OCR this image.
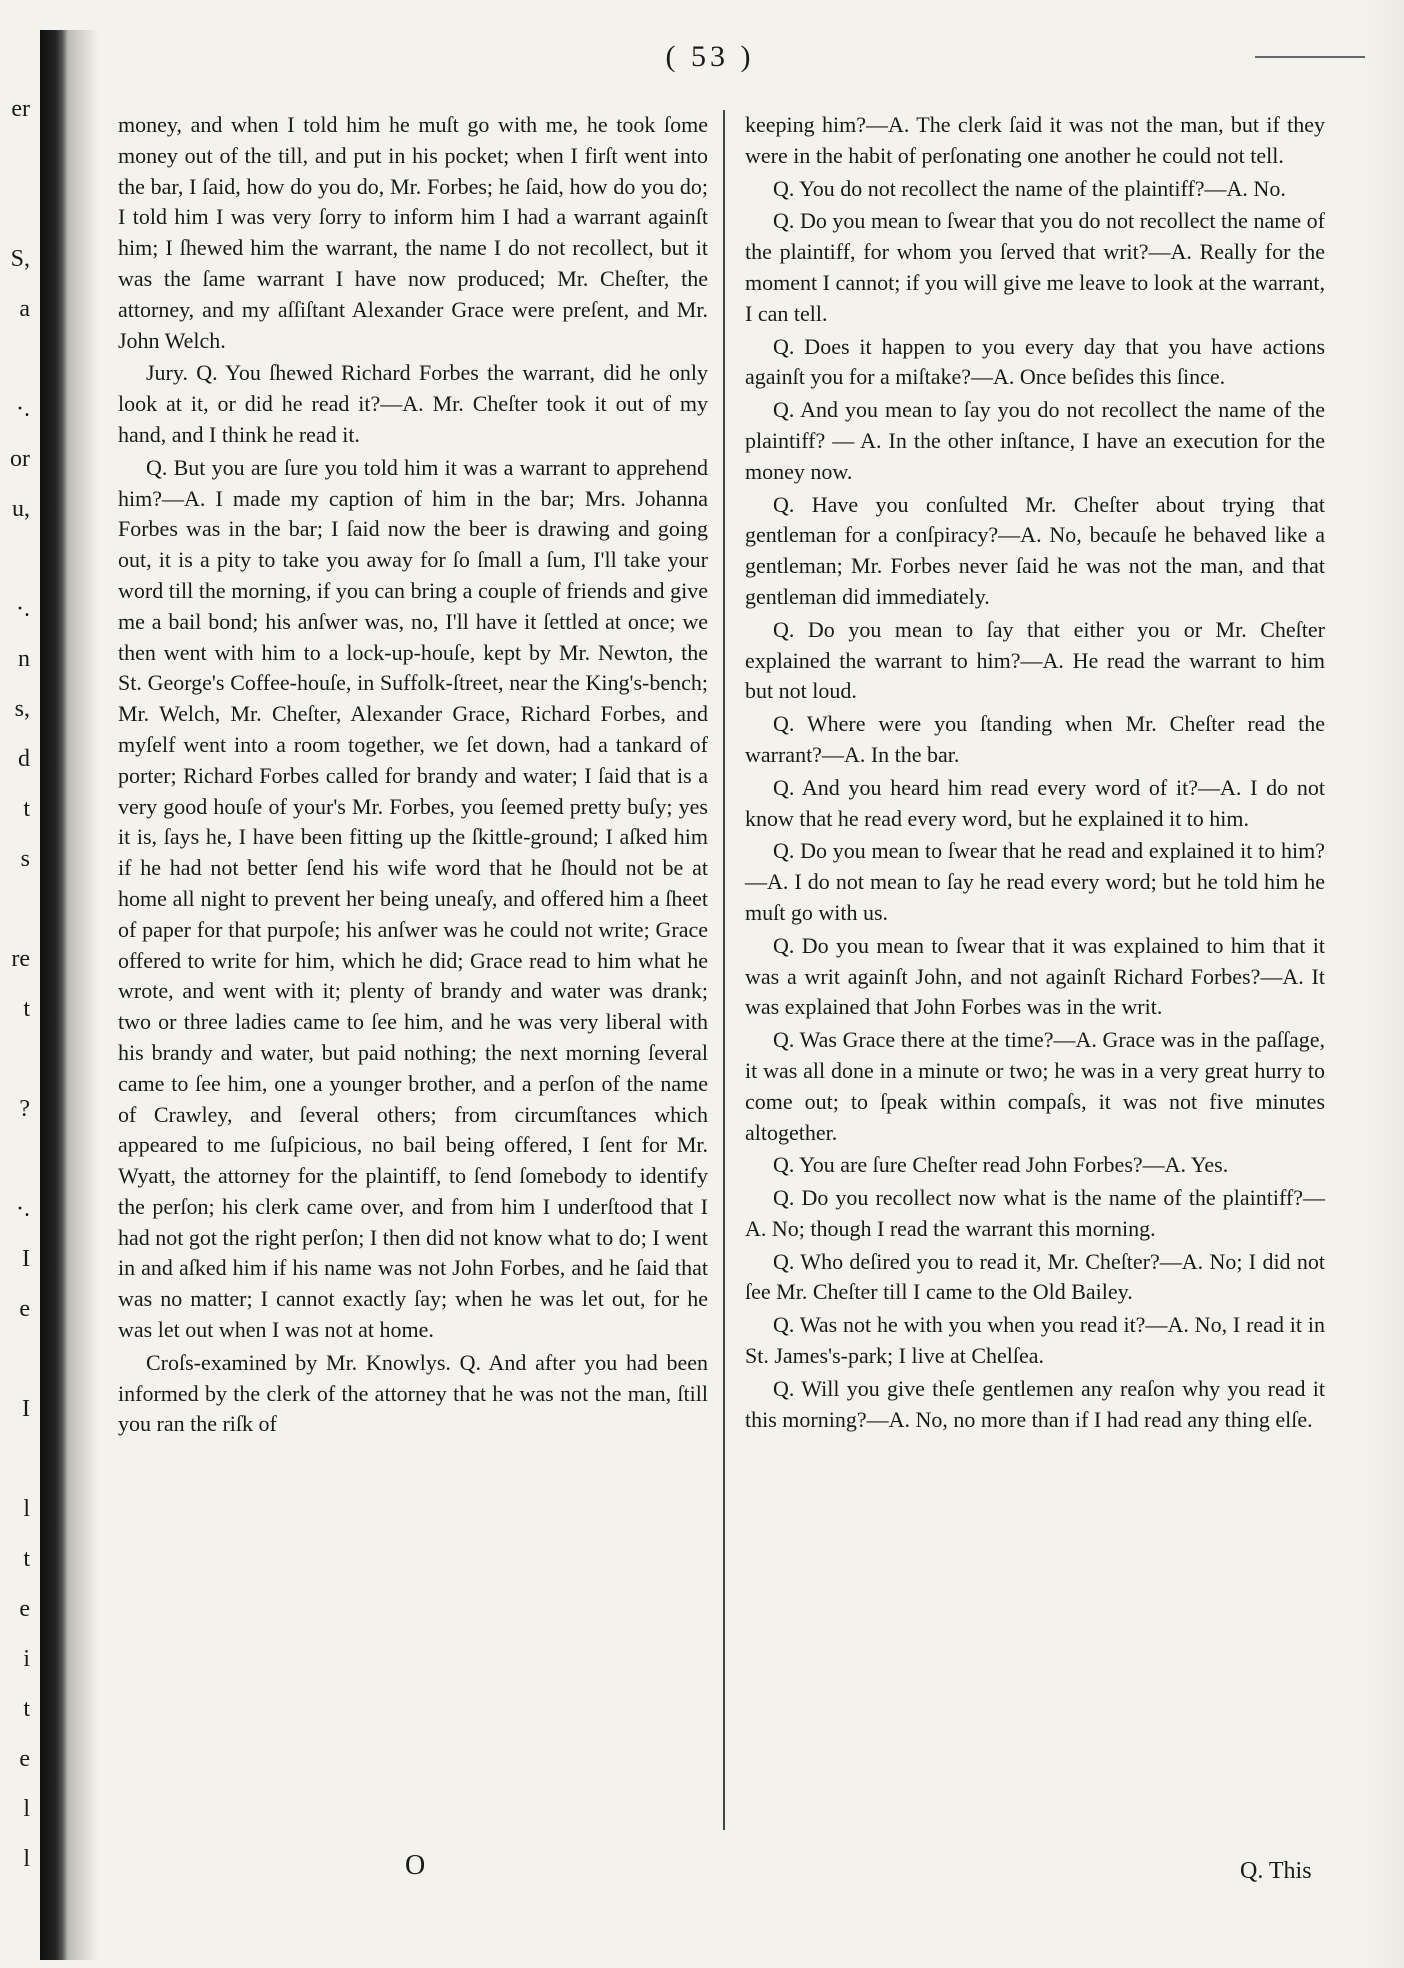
( 53 )
er
S,
a
·.
or
u,
·.
n
s,
d
t
s
re
t
?
·.
I
e
I
l
t
e
i
t
e
l
l

money, and when I told him he muſt go with me, he took ſome money out of the till, and put in his pocket; when I firſt went into the bar, I ſaid, how do you do, Mr. Forbes; he ſaid, how do you do; I told him I was very ſorry to inform him I had a warrant againſt him; I ſhewed him the warrant, the name I do not recollect, but it was the ſame warrant I have now produced; Mr. Cheſter, the attorney, and my aſſiſtant Alexander Grace were preſent, and Mr. John Welch.

Jury. Q. You ſhewed Richard Forbes the warrant, did he only look at it, or did he read it?—A. Mr. Cheſter took it out of my hand, and I think he read it.

Q. But you are ſure you told him it was a warrant to apprehend him?—A. I made my caption of him in the bar; Mrs. Johanna Forbes was in the bar; I ſaid now the beer is drawing and going out, it is a pity to take you away for ſo ſmall a ſum, I'll take your word till the morning, if you can bring a couple of friends and give me a bail bond; his anſwer was, no, I'll have it ſettled at once; we then went with him to a lock-up-houſe, kept by Mr. Newton, the St. George's Coffee-houſe, in Suffolk-ſtreet, near the King's-bench; Mr. Welch, Mr. Cheſter, Alexander Grace, Richard Forbes, and myſelf went into a room together, we ſet down, had a tankard of porter; Richard Forbes called for brandy and water; I ſaid that is a very good houſe of your's Mr. Forbes, you ſeemed pretty buſy; yes it is, ſays he, I have been fitting up the ſkittle-ground; I aſked him if he had not better ſend his wife word that he ſhould not be at home all night to prevent her being uneaſy, and offered him a ſheet of paper for that purpoſe; his anſwer was he could not write; Grace offered to write for him, which he did; Grace read to him what he wrote, and went with it; plenty of brandy and water was drank; two or three ladies came to ſee him, and he was very liberal with his brandy and water, but paid nothing; the next morning ſeveral came to ſee him, one a younger brother, and a perſon of the name of Crawley, and ſeveral others; from circumſtances which appeared to me ſuſpicious, no bail being offered, I ſent for Mr. Wyatt, the attorney for the plaintiff, to ſend ſomebody to identify the perſon; his clerk came over, and from him I underſtood that I had not got the right perſon; I then did not know what to do; I went in and aſked him if his name was not John Forbes, and he ſaid that was no matter; I cannot exactly ſay; when he was let out, for he was let out when I was not at home.

Croſs-examined by Mr. Knowlys. Q. And after you had been informed by the clerk of the attorney that he was not the man, ſtill you ran the riſk of

keeping him?—A. The clerk ſaid it was not the man, but if they were in the habit of perſonating one another he could not tell.

Q. You do not recollect the name of the plaintiff?—A. No.

Q. Do you mean to ſwear that you do not recollect the name of the plaintiff, for whom you ſerved that writ?—A. Really for the moment I cannot; if you will give me leave to look at the warrant, I can tell.

Q. Does it happen to you every day that you have actions againſt you for a miſtake?—A. Once beſides this ſince.

Q. And you mean to ſay you do not recollect the name of the plaintiff? — A. In the other inſtance, I have an execution for the money now.

Q. Have you conſulted Mr. Cheſter about trying that gentleman for a conſpiracy?—A. No, becauſe he behaved like a gentleman; Mr. Forbes never ſaid he was not the man, and that gentleman did immediately.

Q. Do you mean to ſay that either you or Mr. Cheſter explained the warrant to him?—A. He read the warrant to him but not loud.

Q. Where were you ſtanding when Mr. Cheſter read the warrant?—A. In the bar.

Q. And you heard him read every word of it?—A. I do not know that he read every word, but he explained it to him.

Q. Do you mean to ſwear that he read and explained it to him?—A. I do not mean to ſay he read every word; but he told him he muſt go with us.

Q. Do you mean to ſwear that it was explained to him that it was a writ againſt John, and not againſt Richard Forbes?—A. It was explained that John Forbes was in the writ.

Q. Was Grace there at the time?—A. Grace was in the paſſage, it was all done in a minute or two; he was in a very great hurry to come out; to ſpeak within compaſs, it was not five minutes altogether.

Q. You are ſure Cheſter read John Forbes?—A. Yes.

Q. Do you recollect now what is the name of the plaintiff?—A. No; though I read the warrant this morning.

Q. Who deſired you to read it, Mr. Cheſter?—A. No; I did not ſee Mr. Cheſter till I came to the Old Bailey.

Q. Was not he with you when you read it?—A. No, I read it in St. James's-park; I live at Chelſea.

Q. Will you give theſe gentlemen any reaſon why you read it this morning?—A. No, no more than if I had read any thing elſe.

O	Q. This
